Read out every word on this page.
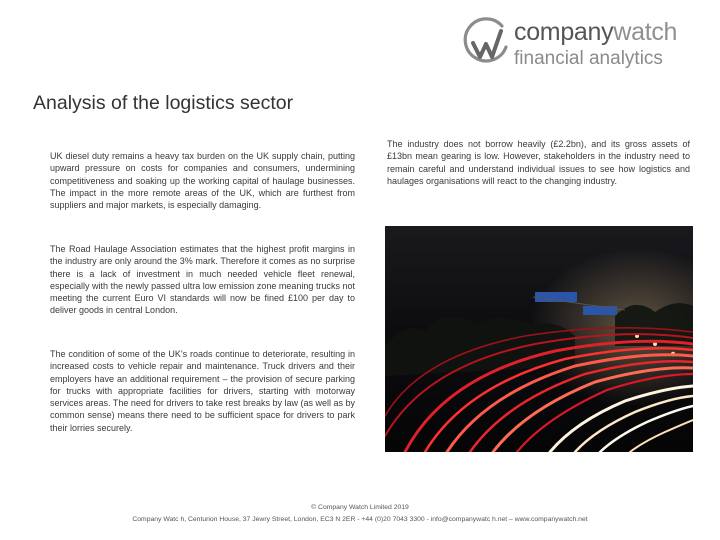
companywatch
financial analytics
Analysis of the logistics sector

UK diesel duty remains a heavy tax burden on the UK supply chain, putting upward pressure on costs for companies and consumers, undermining competitiveness and soaking up the working capital of haulage businesses. The impact in the more remote areas of the UK, which are furthest from suppliers and major markets, is especially damaging.

The industry does not borrow heavily (£2.2bn), and its gross assets of £13bn mean gearing is low. However, stakeholders in the industry need to remain careful and understand individual issues to see how logistics and haulages organisations will react to the changing industry.

The Road Haulage Association estimates that the highest profit margins in the industry are only around the 3% mark. Therefore it comes as no surprise there is a lack of investment in much needed vehicle fleet renewal, especially with the newly passed ultra low emission zone meaning trucks not meeting the current Euro VI standards will now be fined £100 per day to deliver goods in central London.

The condition of some of the UK's roads continue to deteriorate, resulting in increased costs to vehicle repair and maintenance. Truck drivers and their employers have an additional requirement – the provision of secure parking for trucks with appropriate facilities for drivers, starting with motorway services areas. The need for drivers to take rest breaks by law (as well as by common sense) means there need to be sufficient space for drivers to park their lorries securely.

© Company Watch Limited 2019
Company Watc h, Centurion House, 37 Jewry Street, London, EC3 N 2ER - +44 (0)20 7043 3300 - info@companywatc h.net – www.companywatch.net
